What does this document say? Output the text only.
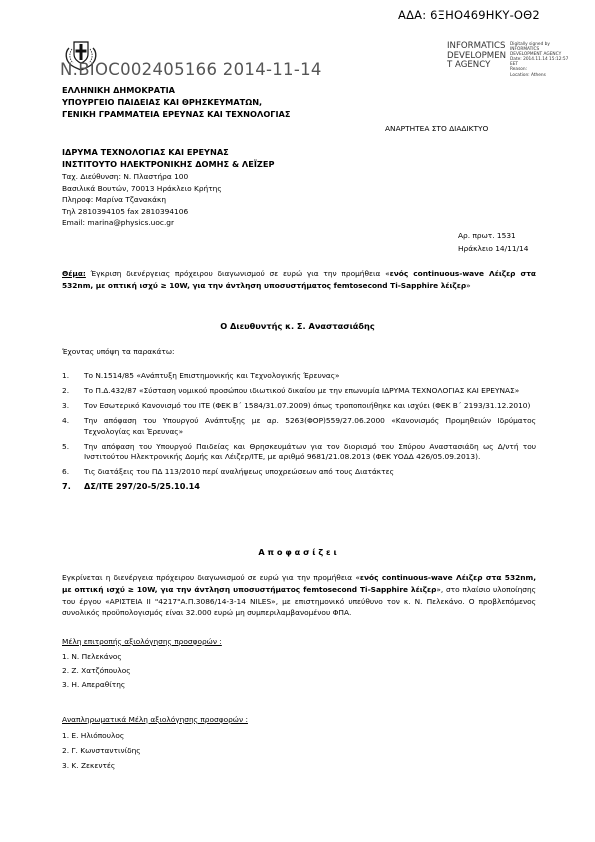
ΑΔΑ: 6ΞΗΟ469ΗΚΥ-ΟΘ2
N.BIOC002405166 2014-11-14
INFORMATICS
DEVELOPMEN
T AGENCY
Digitally signed by
INFORMATICS
DEVELOPMENT AGENCY
Date: 2014.11.14 15:12:57
EET
Reason:
Location: Athens
ΕΛΛΗΝΙΚΗ ΔΗΜΟΚΡΑΤΙΑ
ΥΠΟΥΡΓΕΙΟ ΠΑΙΔΕΙΑΣ ΚΑΙ ΘΡΗΣΚΕΥΜΑΤΩΝ,
ΓΕΝΙΚΗ ΓΡΑΜΜΑΤΕΙΑ ΕΡΕΥΝΑΣ ΚΑΙ ΤΕΧΝΟΛΟΓΙΑΣ
ΑΝΑΡΤΗΤΕΑ ΣΤΟ ΔΙΑΔΙΚΤΥΟ
ΙΔΡΥΜΑ ΤΕΧΝΟΛΟΓΙΑΣ ΚΑΙ ΕΡΕΥΝΑΣ
ΙΝΣΤΙΤΟΥΤΟ ΗΛΕΚΤΡΟΝΙΚΗΣ ΔΟΜΗΣ & ΛΕΪΖΕΡ
Ταχ. Διεύθυνση: Ν. Πλαστήρα 100
Βασιλικά Βουτών, 70013 Ηράκλειο Κρήτης
Πληροφ: Μαρίνα Τζανακάκη
Τηλ 2810394105 fax 2810394106
Email: marina@physics.uoc.gr
Αρ. πρωτ. 1531
Ηράκλειο 14/11/14
Θέμα: Έγκριση διενέργειας πρόχειρου διαγωνισμού σε ευρώ για την προμήθεια «ενός continuous-wave Λέιζερ στα 532nm, με οπτική ισχύ ≥ 10W, για την άντληση υποσυστήματος femtosecond Ti-Sapphire λέιζερ»
Ο Διευθυντής κ. Σ. Αναστασιάδης
Έχοντας υπόψη τα παρακάτω:
1.	Το Ν.1514/85 «Ανάπτυξη Επιστημονικής και Τεχνολογικής Έρευνας»
2.	Το Π.Δ.432/87 «Σύσταση νομικού προσώπου ιδιωτικού δικαίου με την επωνυμία ΙΔΡΥΜΑ ΤΕΧΝΟΛΟΓΙΑΣ ΚΑΙ ΕΡΕΥΝΑΣ»
3.	Τον Εσωτερικό Κανονισμό του ΙΤΕ (ΦΕΚ Β΄ 1584/31.07.2009) όπως τροποποιήθηκε και ισχύει (ΦΕΚ Β΄ 2193/31.12.2010)
4.	Την απόφαση του Υπουργού Ανάπτυξης με αρ. 5263(ΦΟΡ)559/27.06.2000 «Κανονισμός Προμηθειών Ιδρύματος Τεχνολογίας και Έρευνας»
5.	Την απόφαση του Υπουργού Παιδείας και Θρησκευμάτων για τον διορισμό του Σπύρου Αναστασιάδη ως Δ/ντή του Ινστιτούτου Ηλεκτρονικής Δομής και Λέιζερ/ΙΤΕ, με αριθμό 9681/21.08.2013 (ΦΕΚ ΥΟΔΔ 426/05.09.2013).
6.	Τις διατάξεις του ΠΔ 113/2010 περί αναλήψεως υποχρεώσεων από τους Διατάκτες
7.	ΔΣ/ΙΤΕ 297/20-5/25.10.14
Α π ο φ α σ ί ζ ε ι
Εγκρίνεται η διενέργεια πρόχειρου διαγωνισμού σε ευρώ για την προμήθεια «ενός continuous-wave Λέιζερ στα 532nm, με οπτική ισχύ ≥ 10W, για την άντληση υποσυστήματος femtosecond Ti-Sapphire λέιζερ», στο πλαίσιο υλοποίησης του έργου «ΑΡΙΣΤΕΙΑ ΙΙ "4217"Α.Π.3086/14-3-14 NILES», με επιστημονικό υπεύθυνο τον κ. Ν. Πελεκάνο. Ο προβλεπόμενος συνολικός προϋπολογισμός είναι 32.000 ευρώ μη συμπεριλαμβανομένου ΦΠΑ.
Μέλη επιτροπής αξιολόγησης προσφορών :
1. Ν. Πελεκάνος
2. Ζ. Χατζόπουλος
3. Η. Απεραθίτης
Αναπληρωματικά Μέλη αξιολόγησης προσφορών :
1. Ε. Ηλιόπουλος
2. Γ. Κωνσταντινίδης
3. Κ. Ζεκεντές
